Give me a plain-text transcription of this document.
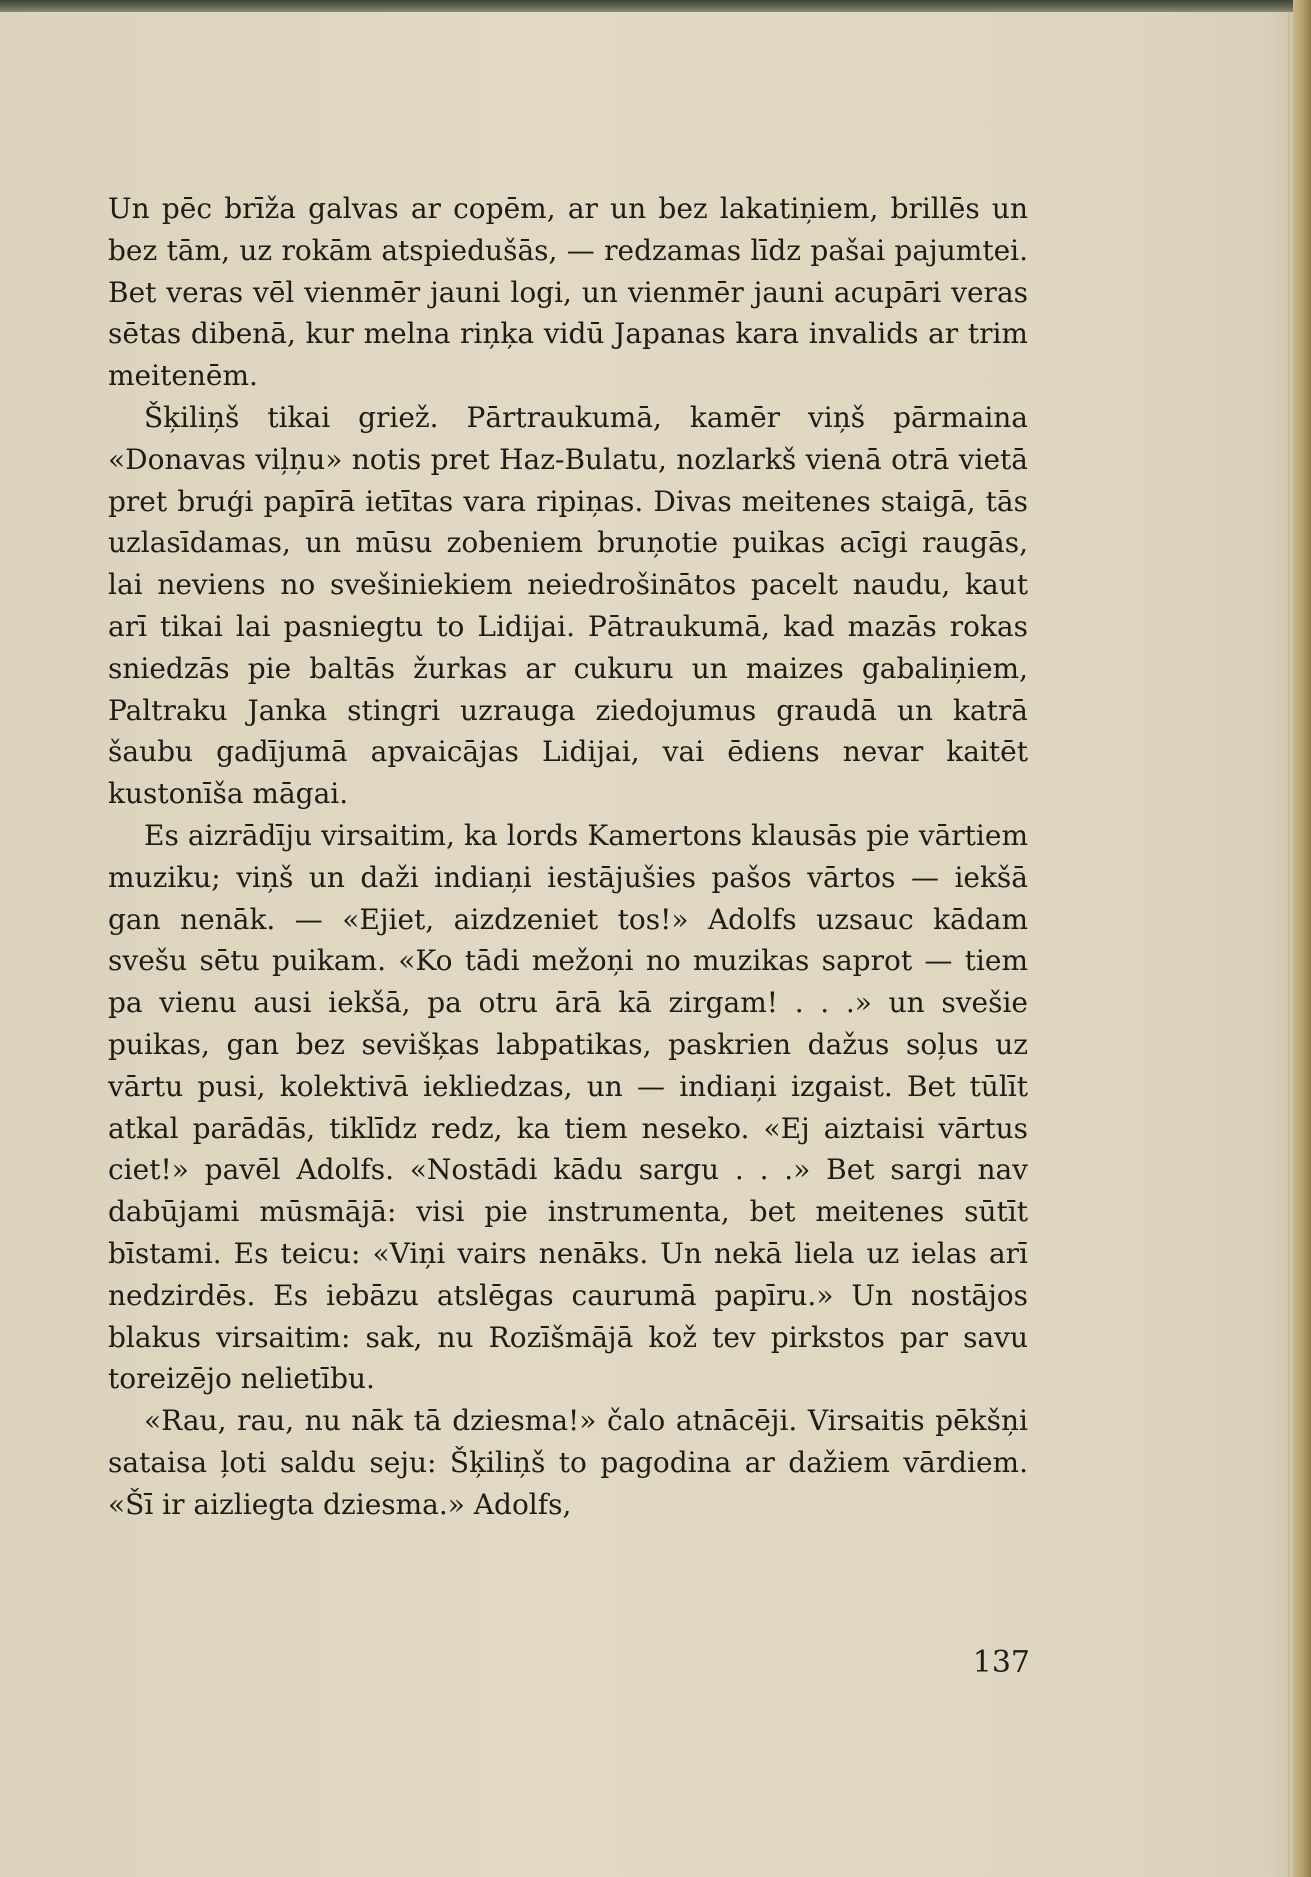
Un pēc brīža galvas ar copēm, ar un bez lakatiņiem, brillēs un bez tām, uz rokām atspiedušās, — redzamas līdz pašai pajumtei. Bet veras vēl vienmēr jauni logi, un vienmēr jauni acupāri veras sētas dibenā, kur melna riņķa vidū Japanas kara invalids ar trim meitenēm.

Šķiliņš tikai griež. Pārtraukumā, kamēr viņš pārmaina «Donavas viļņu» notis pret Haz-Bulatu, nozlarkš vienā otrā vietā pret bruģi papīrā ietītas vara ripiņas. Divas meitenes staigā, tās uzlasīdamas, un mūsu zobeniem bruņotie puikas acīgi raugās, lai neviens no svešiniekiem neiedrošinātos pacelt naudu, kaut arī tikai lai pasniegtu to Lidijai. Pātraukumā, kad mazās rokas sniedzās pie baltās žurkas ar cukuru un maizes gabaliņiem, Paltraku Janka stingri uzrauga ziedojumus graudā un katrā šaubu gadījumā apvaicājas Lidijai, vai ēdiens nevar kaitēt kustonīša māgai.

Es aizrādīju virsaitim, ka lords Kamertons klausās pie vārtiem muziku; viņš un daži indiaņi iestājušies pašos vārtos — iekšā gan nenāk. — «Ejiet, aizdzeniet tos!» Adolfs uzsauc kādam svešu sētu puikam. «Ko tādi mežoņi no muzikas saprot — tiem pa vienu ausi iekšā, pa otru ārā kā zirgam! . . .» un svešie puikas, gan bez sevišķas labpatikas, paskrien dažus soļus uz vārtu pusi, kolektivā iekliedzas, un — indiaņi izgaist. Bet tūlīt atkal parādās, tiklīdz redz, ka tiem neseko. «Ej aiztaisi vārtus ciet!» pavēl Adolfs. «Nostādi kādu sargu . . .» Bet sargi nav dabūjami mūsmājā: visi pie instrumenta, bet meitenes sūtīt bīstami. Es teicu: «Viņi vairs nenāks. Un nekā liela uz ielas arī nedzirdēs. Es iebāzu atslēgas caurumā papīru.» Un nostājos blakus virsaitim: sak, nu Rozīšmājā kož tev pirkstos par savu toreizējo nelietību.

«Rau, rau, nu nāk tā dziesma!» čalo atnācēji. Virsaitis pēkšņi sataisa ļoti saldu seju: Šķiliņš to pagodina ar dažiem vārdiem. «Šī ir aizliegta dziesma.» Adolfs,

137
